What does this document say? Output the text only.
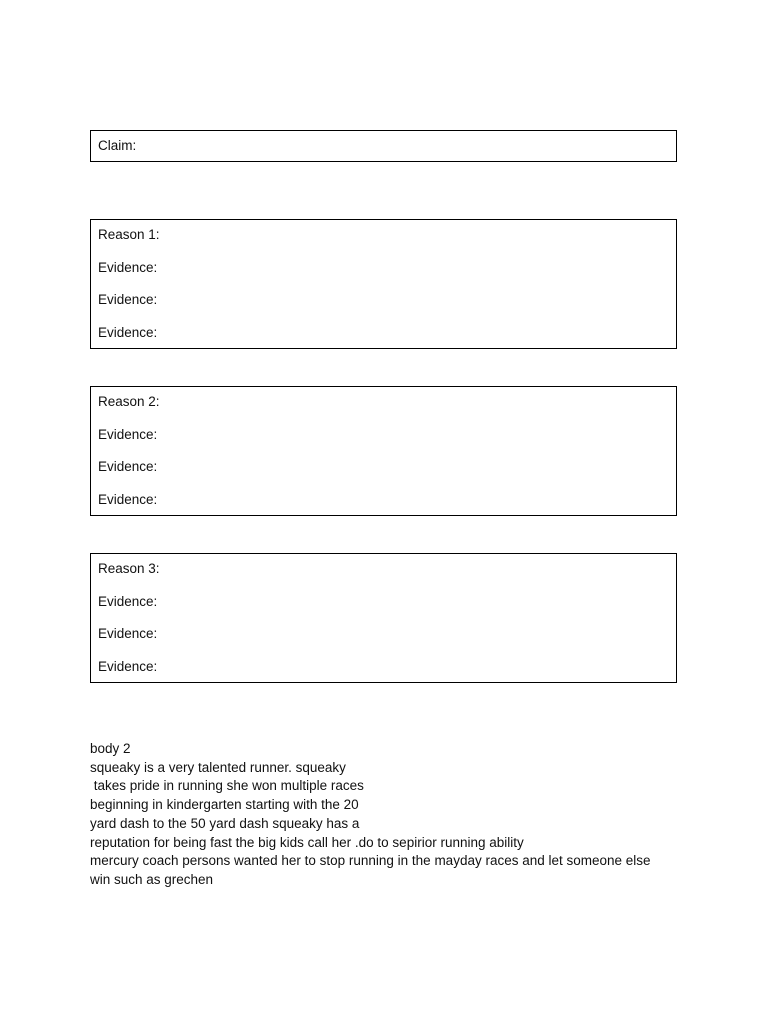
Claim:
Reason 1:
Evidence:
Evidence:
Evidence:
Reason 2:
Evidence:
Evidence:
Evidence:
Reason 3:
Evidence:
Evidence:
Evidence:
body 2
squeaky is a very talented runner. squeaky
takes pride in running she won multiple races
beginning in kindergarten starting with the 20
yard dash to the 50 yard dash squeaky has a
reputation for being fast the big kids call her .do to sepirior running ability
mercury coach persons wanted her to stop running in the mayday races and let someone else
win such as grechen
